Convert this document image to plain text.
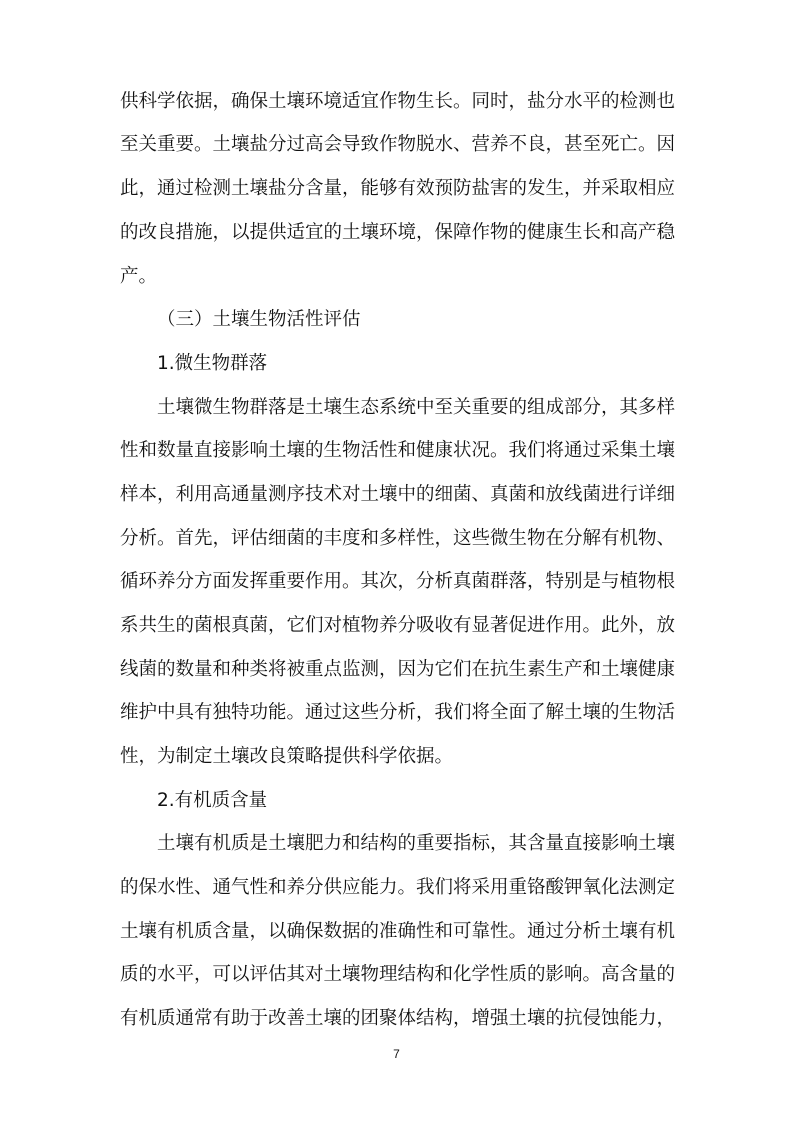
供科学依据，确保土壤环境适宜作物生长。同时，盐分水平的检测也
至关重要。土壤盐分过高会导致作物脱水、营养不良，甚至死亡。因
此，通过检测土壤盐分含量，能够有效预防盐害的发生，并采取相应
的改良措施，以提供适宜的土壤环境，保障作物的健康生长和高产稳
产。
（三）土壤生物活性评估
1.微生物群落
土壤微生物群落是土壤生态系统中至关重要的组成部分，其多样
性和数量直接影响土壤的生物活性和健康状况。我们将通过采集土壤
样本，利用高通量测序技术对土壤中的细菌、真菌和放线菌进行详细
分析。首先，评估细菌的丰度和多样性，这些微生物在分解有机物、
循环养分方面发挥重要作用。其次，分析真菌群落，特别是与植物根
系共生的菌根真菌，它们对植物养分吸收有显著促进作用。此外，放
线菌的数量和种类将被重点监测，因为它们在抗生素生产和土壤健康
维护中具有独特功能。通过这些分析，我们将全面了解土壤的生物活
性，为制定土壤改良策略提供科学依据。
2.有机质含量
土壤有机质是土壤肥力和结构的重要指标，其含量直接影响土壤
的保水性、通气性和养分供应能力。我们将采用重铬酸钾氧化法测定
土壤有机质含量，以确保数据的准确性和可靠性。通过分析土壤有机
质的水平，可以评估其对土壤物理结构和化学性质的影响。高含量的
有机质通常有助于改善土壤的团聚体结构，增强土壤的抗侵蚀能力，
7
